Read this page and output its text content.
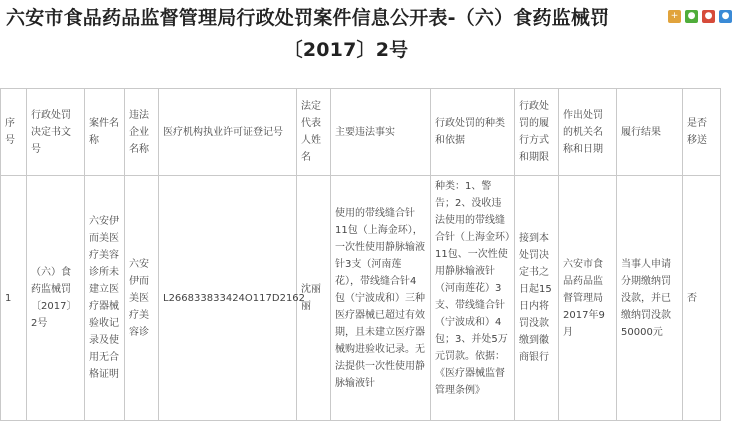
六安市食品药品监督管理局行政处罚案件信息公开表-（六）食药监械罚
〔2017〕2号
+	● ● ●
序号	行政处罚决定书文号	案件名称	违法企业名称	医疗机构执业许可证登记号	法定代表人姓名	主要违法事实	行政处罚的种类和依据	行政处罚的履行方式和期限	作出处罚的机关名称和日期	履行结果	是否移送
1	（六）食药监械罚〔2017〕2号	六安伊而美医疗美容诊所未建立医疗器械验收记录及使用无合格证明	六安伊而美医疗美容诊	L266833833424O117D2162	沈丽丽	使用的带线缝合针11包（上海金环），一次性使用静脉输液针3支（河南莲花），带线缝合针4包（宁波成和）三种医疗器械已超过有效期，且未建立医疗器械购进验收记录。无法提供一次性使用静脉输液针	种类：1、警告；2、没收违法使用的带线缝合针（上海金环）11包、一次性使用静脉输液针（河南莲花）3支、带线缝合针（宁波成和）4包；3、并处5万元罚款。依据：《医疗器械监督管理条例》	接到本处罚决定书之日起15日内将罚没款缴到徽商银行	六安市食品药品监督管理局2017年9月	当事人申请分期缴纳罚没款，并已缴纳罚没款50000元	否
